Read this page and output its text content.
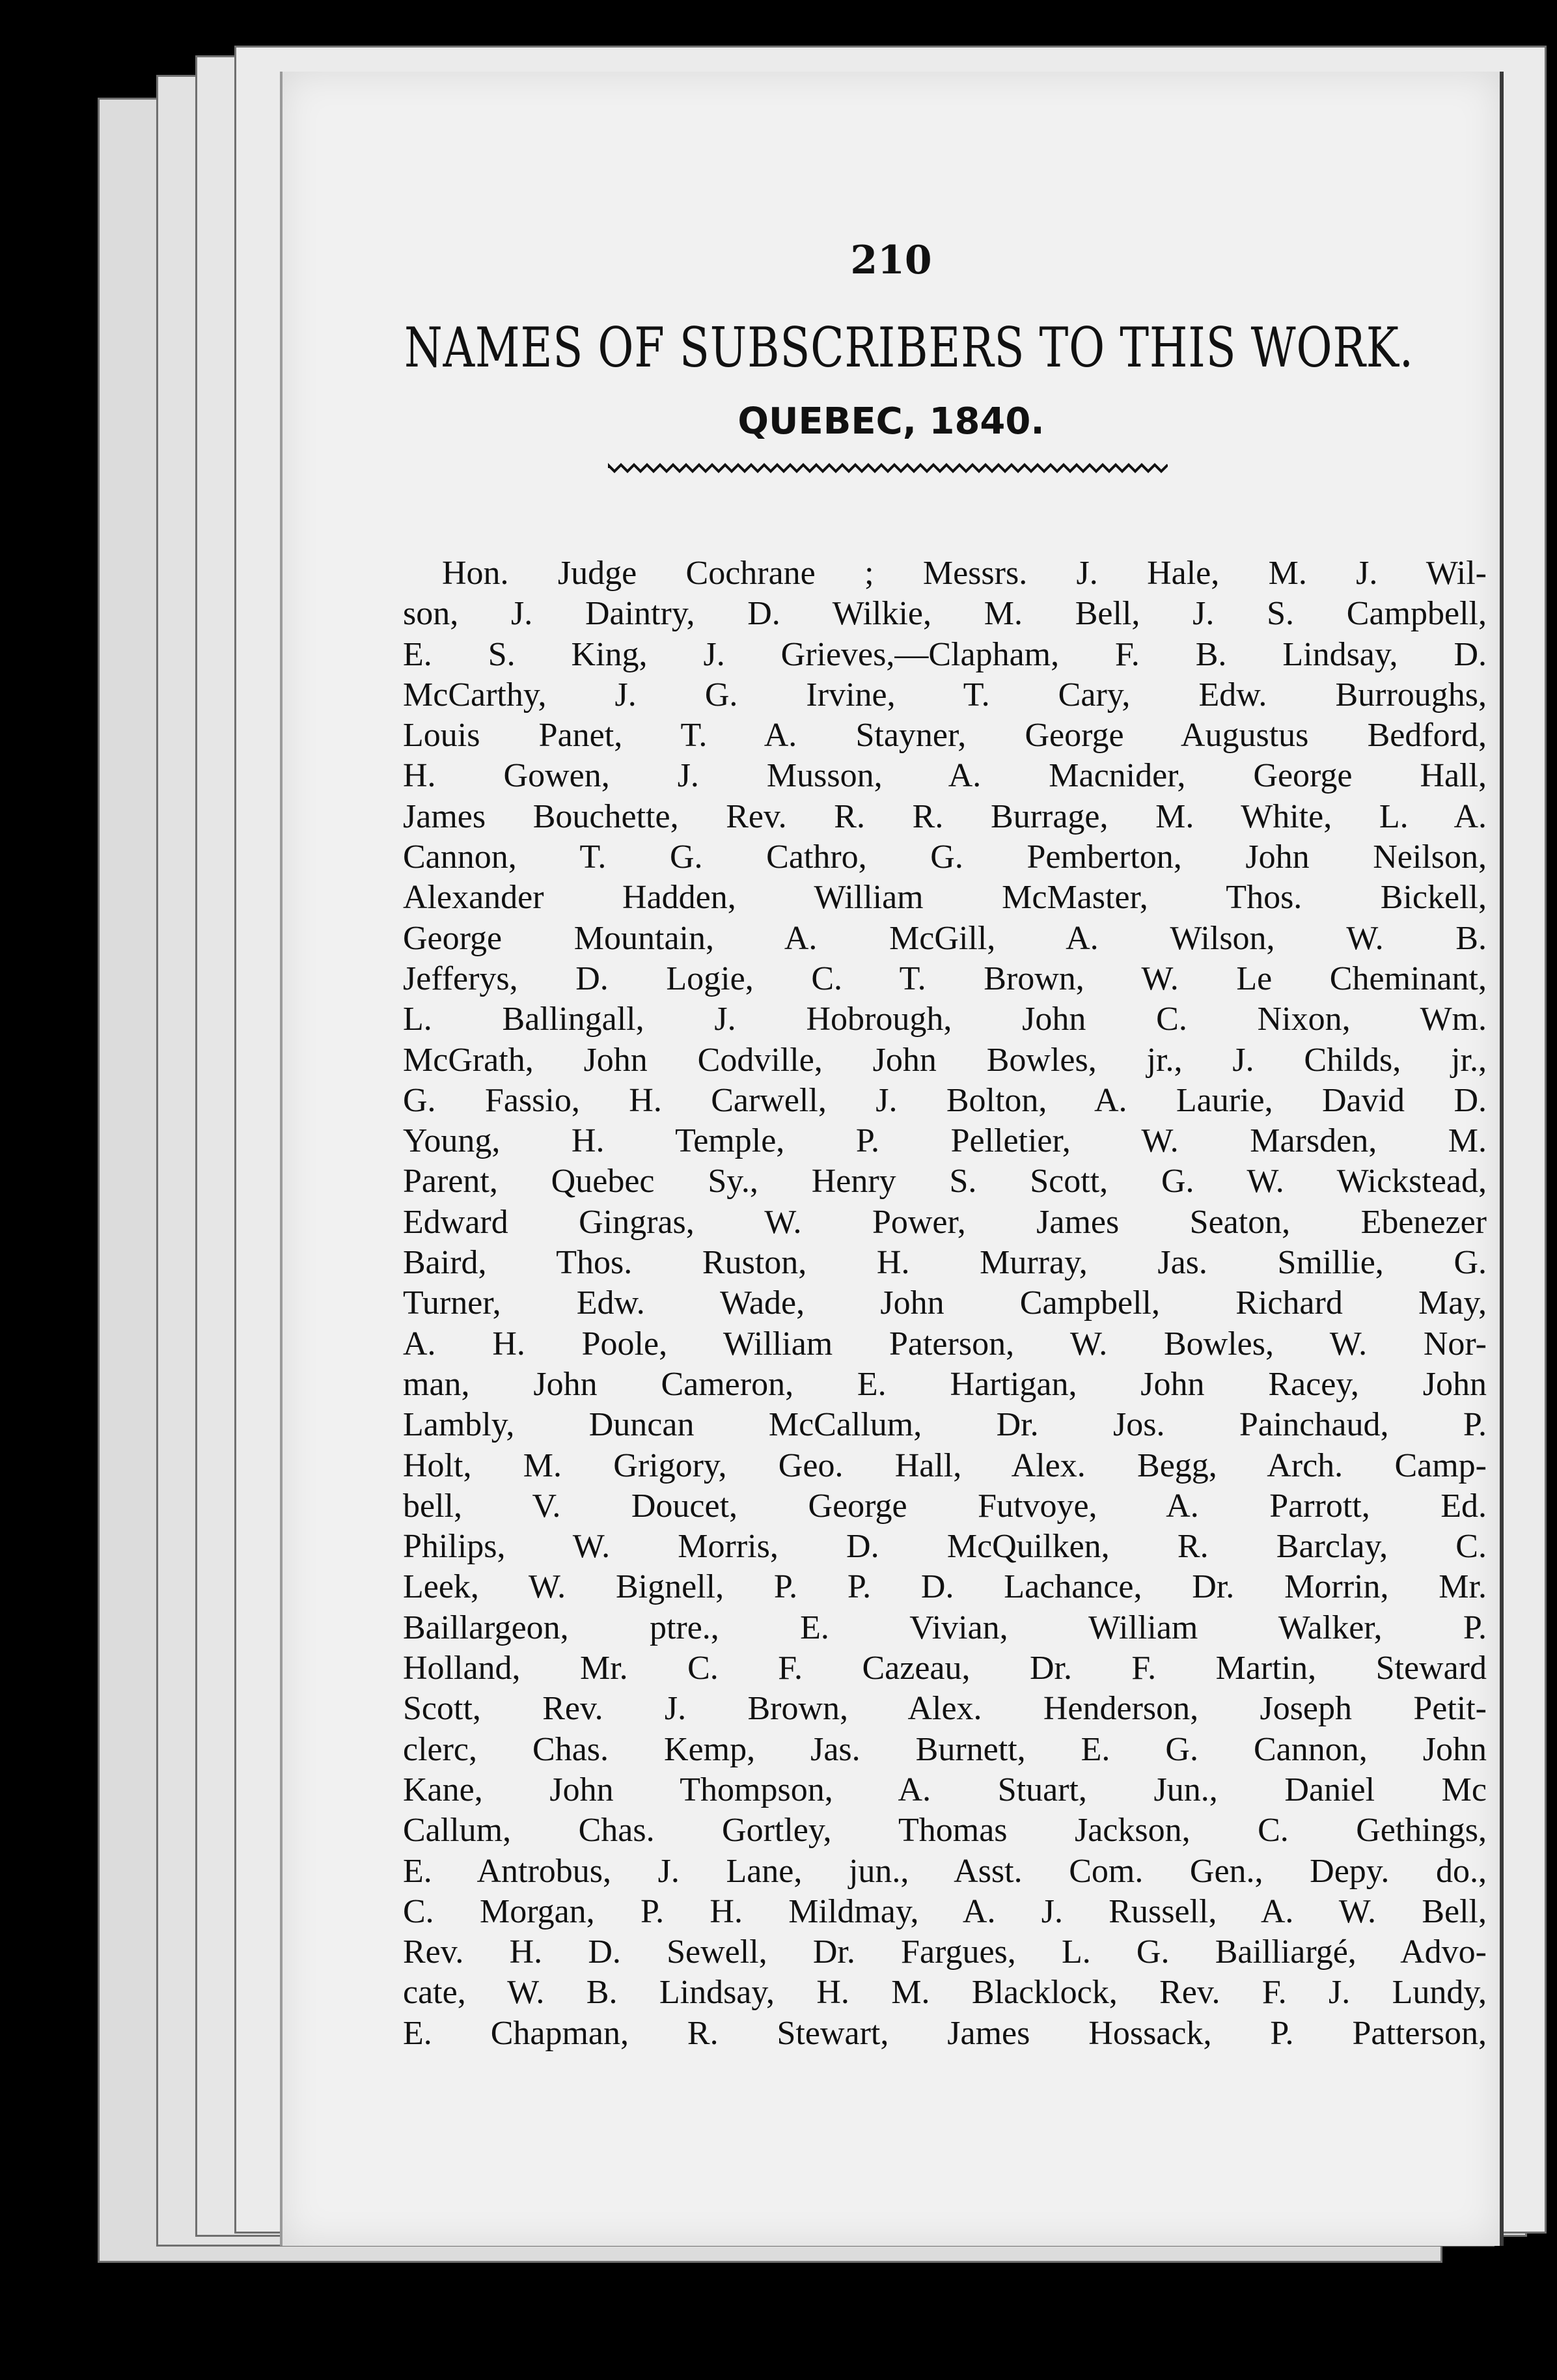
210
NAMES OF SUBSCRIBERS TO THIS WORK.
QUEBEC, 1840.
Hon. Judge Cochrane ; Messrs. J. Hale, M. J. Wil-
son, J. Daintry, D. Wilkie, M. Bell, J. S. Campbell,
E. S. King, J. Grieves,—Clapham, F. B. Lindsay, D.
McCarthy, J. G. Irvine, T. Cary, Edw. Burroughs,
Louis Panet, T. A. Stayner, George Augustus Bedford,
H. Gowen, J. Musson, A. Macnider, George Hall,
James Bouchette, Rev. R. R. Burrage, M. White, L. A.
Cannon, T. G. Cathro, G. Pemberton, John Neilson,
Alexander Hadden, William McMaster, Thos. Bickell,
George Mountain, A. McGill, A. Wilson, W. B.
Jefferys, D. Logie, C. T. Brown, W. Le Cheminant,
L. Ballingall, J. Hobrough, John C. Nixon, Wm.
McGrath, John Codville, John Bowles, jr., J. Childs, jr.,
G. Fassio, H. Carwell, J. Bolton, A. Laurie, David D.
Young, H. Temple, P. Pelletier, W. Marsden, M.
Parent, Quebec Sy., Henry S. Scott, G. W. Wickstead,
Edward Gingras, W. Power, James Seaton, Ebenezer
Baird, Thos. Ruston, H. Murray, Jas. Smillie, G.
Turner, Edw. Wade, John Campbell, Richard May,
A. H. Poole, William Paterson, W. Bowles, W. Nor-
man, John Cameron, E. Hartigan, John Racey, John
Lambly, Duncan McCallum, Dr. Jos. Painchaud, P.
Holt, M. Grigory, Geo. Hall, Alex. Begg, Arch. Camp-
bell, V. Doucet, George Futvoye, A. Parrott, Ed.
Philips, W. Morris, D. McQuilken, R. Barclay, C.
Leek, W. Bignell, P. P. D. Lachance, Dr. Morrin, Mr.
Baillargeon, ptre., E. Vivian, William Walker, P.
Holland, Mr. C. F. Cazeau, Dr. F. Martin, Steward
Scott, Rev. J. Brown, Alex. Henderson, Joseph Petit-
clerc, Chas. Kemp, Jas. Burnett, E. G. Cannon, John
Kane, John Thompson, A. Stuart, Jun., Daniel Mc
Callum, Chas. Gortley, Thomas Jackson, C. Gethings,
E. Antrobus, J. Lane, jun., Asst. Com. Gen., Depy. do.,
C. Morgan, P. H. Mildmay, A. J. Russell, A. W. Bell,
Rev. H. D. Sewell, Dr. Fargues, L. G. Bailliargé, Advo-
cate, W. B. Lindsay, H. M. Blacklock, Rev. F. J. Lundy,
E. Chapman, R. Stewart, James Hossack, P. Patterson,
